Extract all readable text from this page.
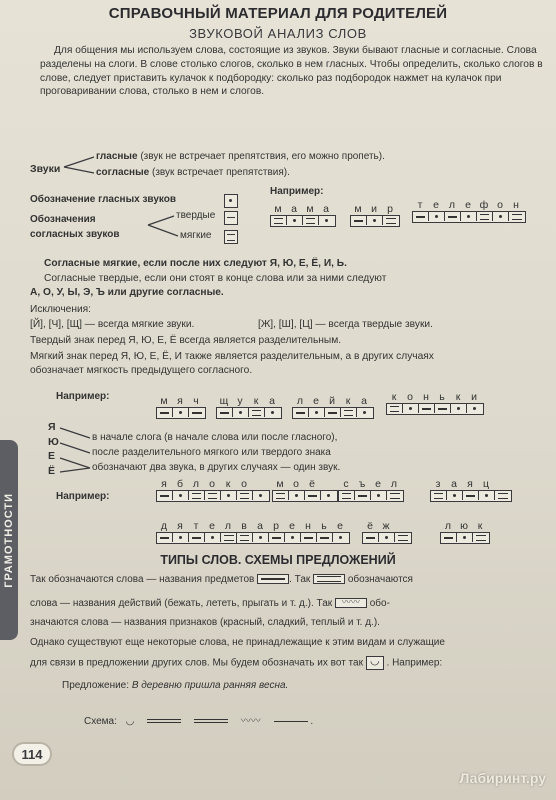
СПРАВОЧНЫЙ МАТЕРИАЛ ДЛЯ РОДИТЕЛЕЙ
ЗВУКОВОЙ АНАЛИЗ СЛОВ
Для общения мы используем слова, состоящие из звуков. Звуки бывают гласные и согласные. Слова разделены на слоги. В слове столько слогов, сколько в нем гласных. Чтобы определить, сколько слогов в слове, следует приставить кулачок к подбородку: сколько раз подбородок нажмет на кулачок при проговаривании слова, столько в нем и слогов.
Звуки
гласные (звук не встречает препятствия, его можно пропеть).
согласные (звук встречает препятствия).
Обозначение гласных звуков
Обозначения
согласных звуков
твердые
мягкие
Например:
м а м а	м и р	т	е л е ф о н
Согласные мягкие, если после них следуют Я, Ю, Е, Ё, И, Ь.
Согласные твердые, если они стоят в конце слова или за ними следуют
А, О, У, Ы, Э, Ъ или другие согласные.
Исключения:
[Й], [Ч], [Щ] — всегда мягкие звуки.	[Ж], [Ш], [Ц] — всегда твердые звуки.
Твердый знак перед Я, Ю, Е, Ё всегда является разделительным.
Мягкий знак перед Я, Ю, Е, Ё, И также является разделительным, а в других случаях
обозначает мягкость предыдущего согласного.
Например:	м я ч	щ у	к	а	л е й	к	а	к	о н ь	к	и
Я
Ю
Е
Ё
в начале слога (в начале слова или после гласного),
после разделительного мягкого или твердого знака
обозначают два звука, в других случаях — один звук.
Например:
я б л о	к	о	м о ё	с ъ е л	з	а я ц
д я	т	е л в а р е н ь е	ё ж	л ю к
ТИПЫ СЛОВ. СХЕМЫ ПРЕДЛОЖЕНИЙ
Так обозначаются слова — названия предметов	. Так	обозначаются
слова — названия действий (бежать, лететь, прыгать и т. д.). Так 〰〰 обо-
значаются слова — названия признаков (красный, сладкий, теплый и т. д.).
Однако существуют еще некоторые слова, не принадлежащие к этим видам и служащие
для связи в предложении других слов. Мы будем обозначать их вот так ◡ . Например:
Предложение: В деревню пришла ранняя весна.
Схема: ◡	〰〰	.
ГРАМОТНОСТИ
114
Лабиринт.ру
